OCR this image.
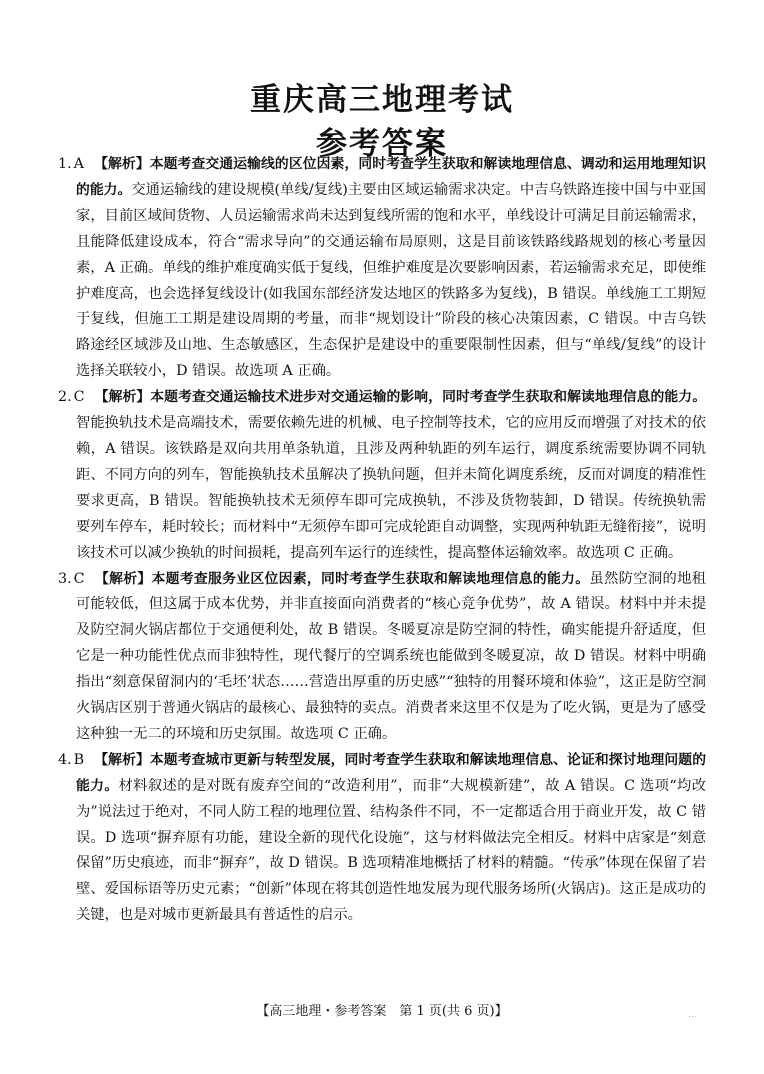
重庆高三地理考试
参考答案
1. A 【解析】本题考查交通运输线的区位因素，同时考查学生获取和解读地理信息、调动和运用地理知识的能力。交通运输线的建设规模(单线/复线)主要由区域运输需求决定。中吉乌铁路连接中国与中亚国家，目前区域间货物、人员运输需求尚未达到复线所需的饱和水平，单线设计可满足目前运输需求，且能降低建设成本，符合“需求导向”的交通运输布局原则，这是目前该铁路线路规划的核心考量因素，A 正确。单线的维护难度确实低于复线，但维护难度是次要影响因素，若运输需求充足，即使维护难度高，也会选择复线设计(如我国东部经济发达地区的铁路多为复线)，B 错误。单线施工工期短于复线，但施工工期是建设周期的考量，而非“规划设计”阶段的核心决策因素，C 错误。中吉乌铁路途经区域涉及山地、生态敏感区，生态保护是建设中的重要限制性因素，但与“单线/复线”的设计选择关联较小，D 错误。故选项 A 正确。
2. C 【解析】本题考查交通运输技术进步对交通运输的影响，同时考查学生获取和解读地理信息的能力。智能换轨技术是高端技术，需要依赖先进的机械、电子控制等技术，它的应用反而增强了对技术的依赖，A 错误。该铁路是双向共用单条轨道，且涉及两种轨距的列车运行，调度系统需要协调不同轨距、不同方向的列车，智能换轨技术虽解决了换轨问题，但并未简化调度系统，反而对调度的精准性要求更高，B 错误。智能换轨技术无须停车即可完成换轨，不涉及货物装卸，D 错误。传统换轨需要列车停车，耗时较长；而材料中“无须停车即可完成轮距自动调整，实现两种轨距无缝衔接”，说明该技术可以减少换轨的时间损耗，提高列车运行的连续性，提高整体运输效率。故选项 C 正确。
3. C 【解析】本题考查服务业区位因素，同时考查学生获取和解读地理信息的能力。虽然防空洞的地租可能较低，但这属于成本优势，并非直接面向消费者的“核心竞争优势”，故 A 错误。材料中并未提及防空洞火锅店都位于交通便利处，故 B 错误。冬暖夏凉是防空洞的特性，确实能提升舒适度，但它是一种功能性优点而非独特性，现代餐厅的空调系统也能做到冬暖夏凉，故 D 错误。材料中明确指出“刻意保留洞内的‘毛坯’状态……营造出厚重的历史感”“独特的用餐环境和体验”，这正是防空洞火锅店区别于普通火锅店的最核心、最独特的卖点。消费者来这里不仅是为了吃火锅，更是为了感受这种独一无二的环境和历史氛围。故选项 C 正确。
4. B 【解析】本题考查城市更新与转型发展，同时考查学生获取和解读地理信息、论证和探讨地理问题的能力。材料叙述的是对既有废弃空间的“改造利用”，而非“大规模新建”，故 A 错误。C 选项“均改为”说法过于绝对，不同人防工程的地理位置、结构条件不同，不一定都适合用于商业开发，故 C 错误。D 选项“摒弃原有功能，建设全新的现代化设施”，这与材料做法完全相反。材料中店家是“刻意保留”历史痕迹，而非“摒弃”，故 D 错误。B 选项精准地概括了材料的精髓。“传承”体现在保留了岩壁、爱国标语等历史元素；“创新”体现在将其创造性地发展为现代服务场所(火锅店)。这正是成功的关键，也是对城市更新最具有普适性的启示。
【高三地理・参考答案　第 1 页(共 6 页)】	…
